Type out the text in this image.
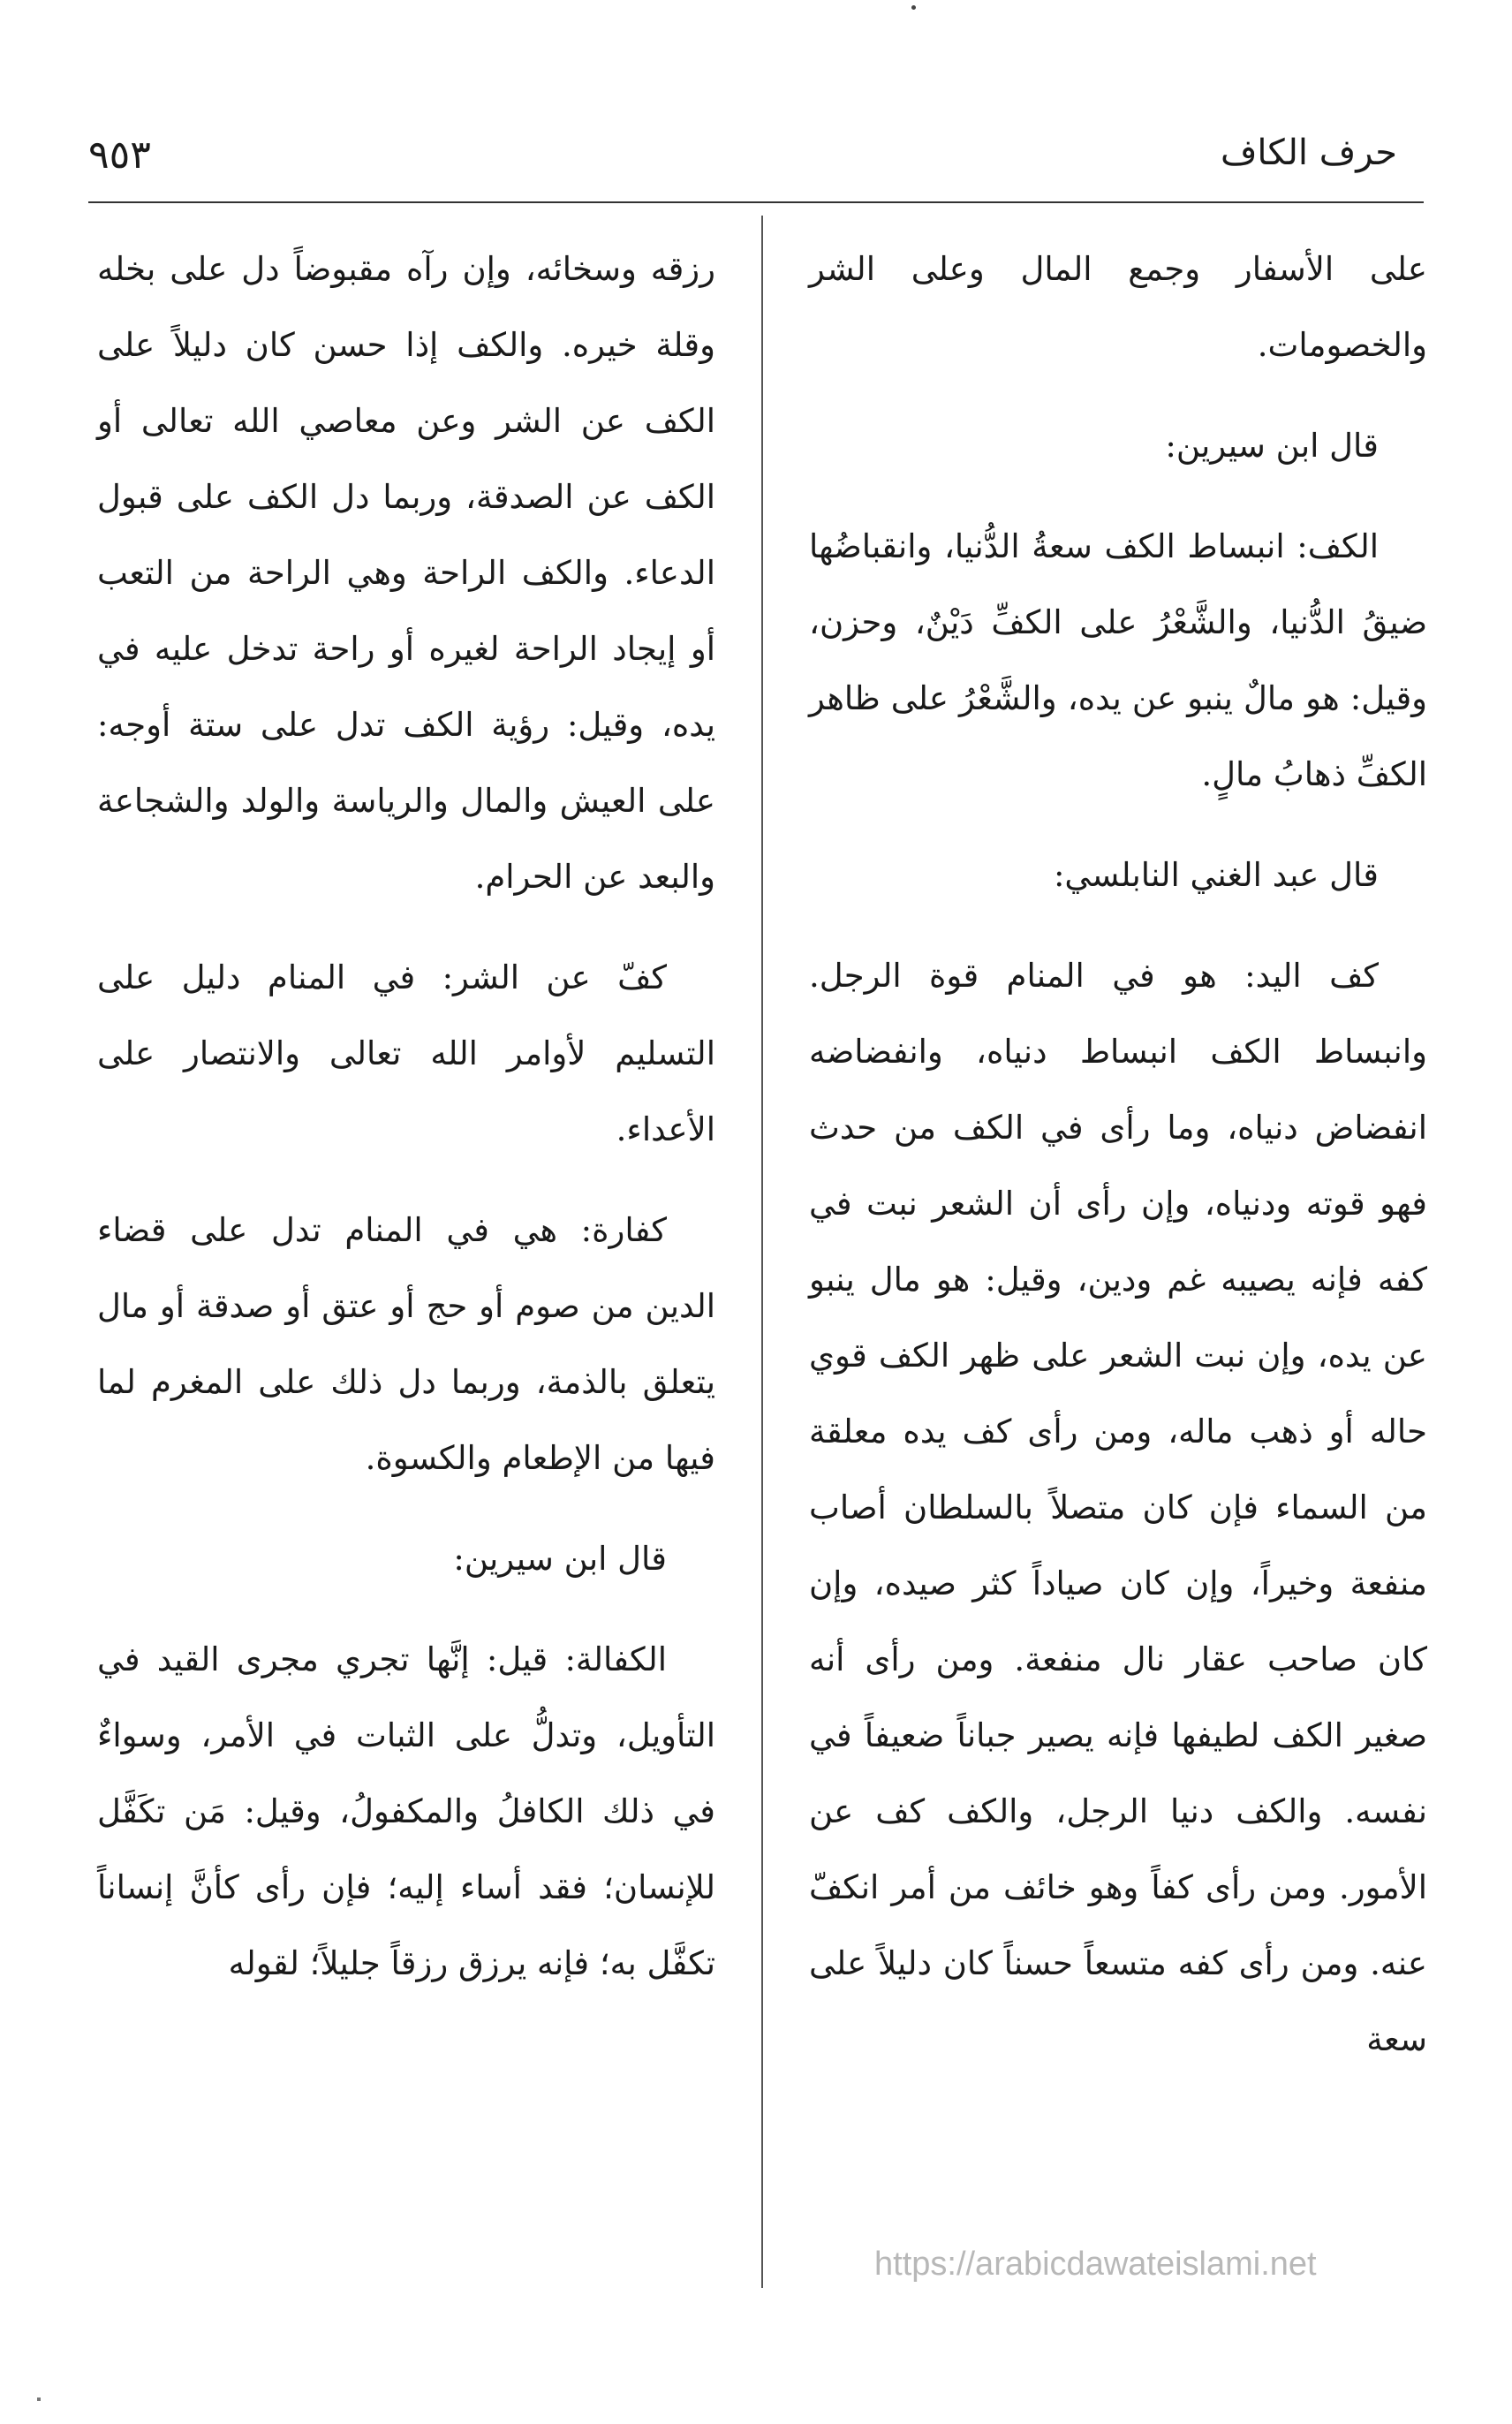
حرف الكاف
٩٥٣

على الأسفار وجمع المال وعلى الشر والخصومات.

قال ابن سيرين:

الكف: انبساط الكف سعةُ الدُّنيا، وانقباضُها ضيقُ الدُّنيا، والشَّعْرُ على الكفِّ دَيْنٌ، وحزن، وقيل: هو مالٌ ينبو عن يده، والشَّعْرُ على ظاهر الكفِّ ذهابُ مالٍ.

قال عبد الغني النابلسي:

كف اليد: هو في المنام قوة الرجل. وانبساط الكف انبساط دنياه، وانفضاضه انفضاض دنياه، وما رأى في الكف من حدث فهو قوته ودنياه، وإن رأى أن الشعر نبت في كفه فإنه يصيبه غم ودين، وقيل: هو مال ينبو عن يده، وإن نبت الشعر على ظهر الكف قوي حاله أو ذهب ماله، ومن رأى كف يده معلقة من السماء فإن كان متصلاً بالسلطان أصاب منفعة وخيراً، وإن كان صياداً كثر صيده، وإن كان صاحب عقار نال منفعة. ومن رأى أنه صغير الكف لطيفها فإنه يصير جباناً ضعيفاً في نفسه. والكف دنيا الرجل، والكف كف عن الأمور. ومن رأى كفاً وهو خائف من أمر انكفّ عنه. ومن رأى كفه متسعاً حسناً كان دليلاً على سعة

رزقه وسخائه، وإن رآه مقبوضاً دل على بخله وقلة خيره. والكف إذا حسن كان دليلاً على الكف عن الشر وعن معاصي الله تعالى أو الكف عن الصدقة، وربما دل الكف على قبول الدعاء. والكف الراحة وهي الراحة من التعب أو إيجاد الراحة لغيره أو راحة تدخل عليه في يده، وقيل: رؤية الكف تدل على ستة أوجه: على العيش والمال والرياسة والولد والشجاعة والبعد عن الحرام.

كفّ عن الشر: في المنام دليل على التسليم لأوامر الله تعالى والانتصار على الأعداء.

كفارة: هي في المنام تدل على قضاء الدين من صوم أو حج أو عتق أو صدقة أو مال يتعلق بالذمة، وربما دل ذلك على المغرم لما فيها من الإطعام والكسوة.

قال ابن سيرين:

الكفالة: قيل: إنَّها تجري مجرى القيد في التأويل، وتدلُّ على الثبات في الأمر، وسواءٌ في ذلك الكافلُ والمكفولُ، وقيل: مَن تكَفَّل للإنسان؛ فقد أساء إليه؛ فإن رأى كأنَّ إنساناً تكفَّل به؛ فإنه يرزق رزقاً جليلاً؛ لقوله

https://arabicdawateislami.net
